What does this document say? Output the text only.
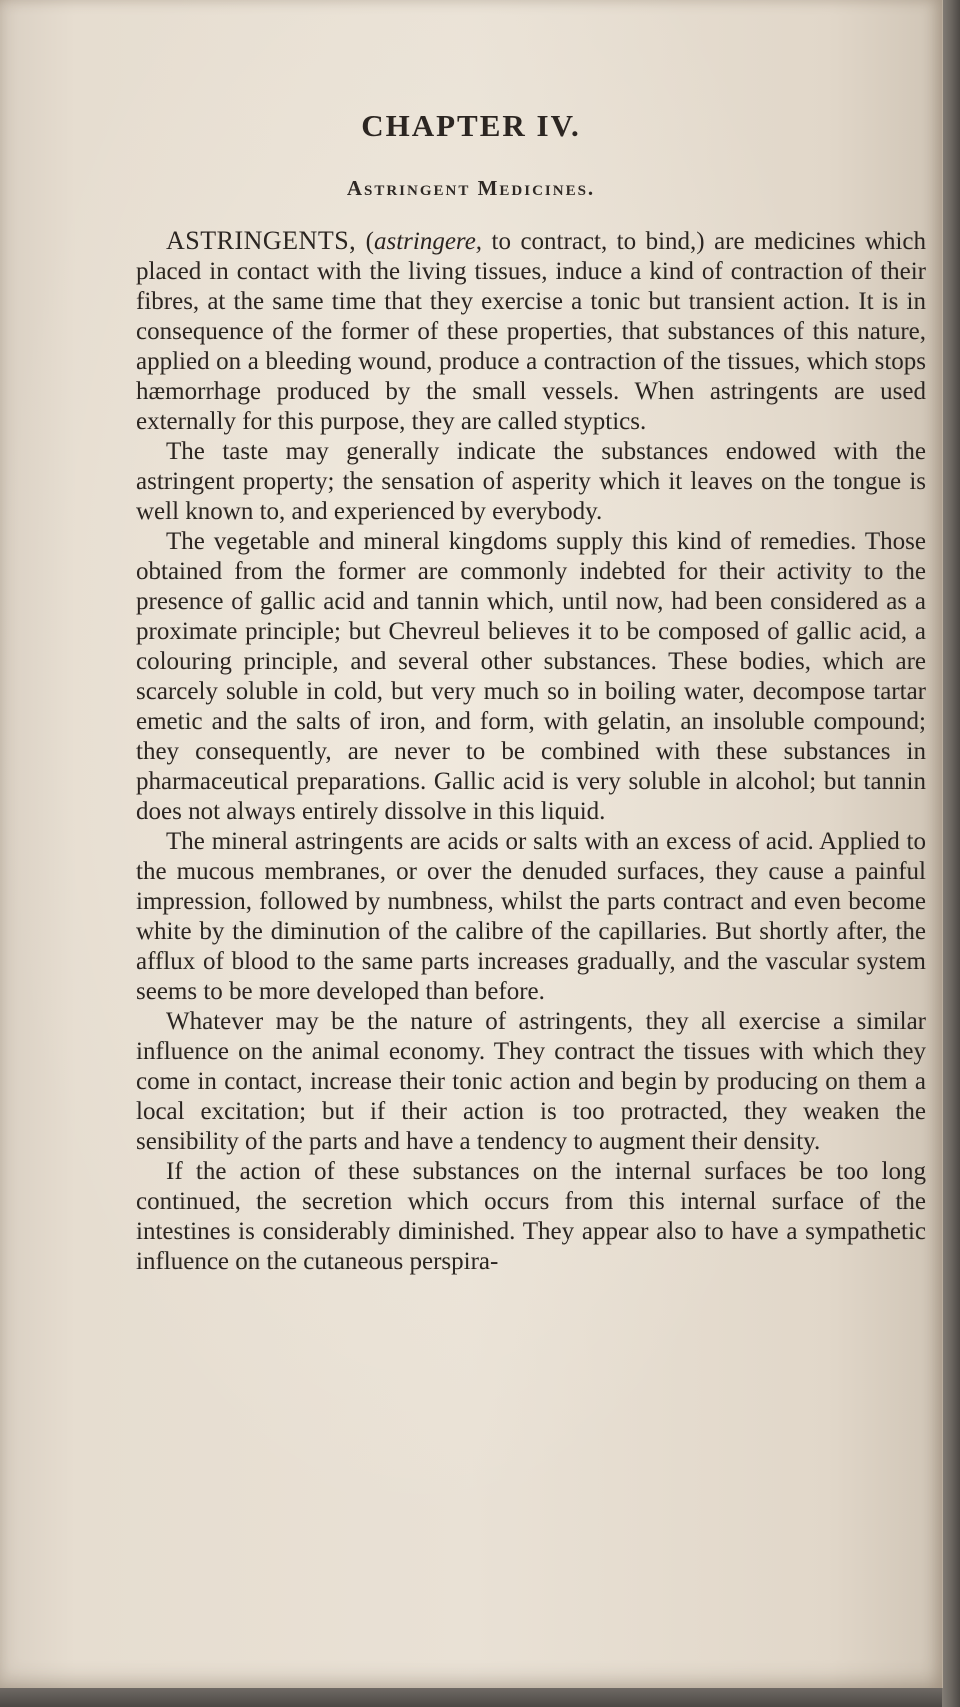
CHAPTER IV.
Astringent Medicines.

ASTRINGENTS, (astringere, to contract, to bind,) are medicines which placed in contact with the living tissues, induce a kind of contraction of their fibres, at the same time that they exercise a tonic but transient action. It is in consequence of the former of these properties, that substances of this nature, applied on a bleeding wound, produce a contraction of the tissues, which stops hæmorrhage produced by the small vessels. When astringents are used externally for this purpose, they are called styptics.

The taste may generally indicate the substances endowed with the astringent property; the sensation of asperity which it leaves on the tongue is well known to, and experienced by everybody.

The vegetable and mineral kingdoms supply this kind of remedies. Those obtained from the former are commonly indebted for their activity to the presence of gallic acid and tannin which, until now, had been considered as a proximate principle; but Chevreul believes it to be composed of gallic acid, a colouring principle, and several other substances. These bodies, which are scarcely soluble in cold, but very much so in boiling water, decompose tartar emetic and the salts of iron, and form, with gelatin, an insoluble compound; they consequently, are never to be combined with these substances in pharmaceutical preparations. Gallic acid is very soluble in alcohol; but tannin does not always entirely dissolve in this liquid.

The mineral astringents are acids or salts with an excess of acid. Applied to the mucous membranes, or over the denuded surfaces, they cause a painful impression, followed by numbness, whilst the parts contract and even become white by the diminution of the calibre of the capillaries. But shortly after, the afflux of blood to the same parts increases gradually, and the vascular system seems to be more developed than before.

Whatever may be the nature of astringents, they all exercise a similar influence on the animal economy. They contract the tissues with which they come in contact, increase their tonic action and begin by producing on them a local excitation; but if their action is too protracted, they weaken the sensibility of the parts and have a tendency to augment their density.

If the action of these substances on the internal surfaces be too long continued, the secretion which occurs from this internal surface of the intestines is considerably diminished. They appear also to have a sympathetic influence on the cutaneous perspira-
